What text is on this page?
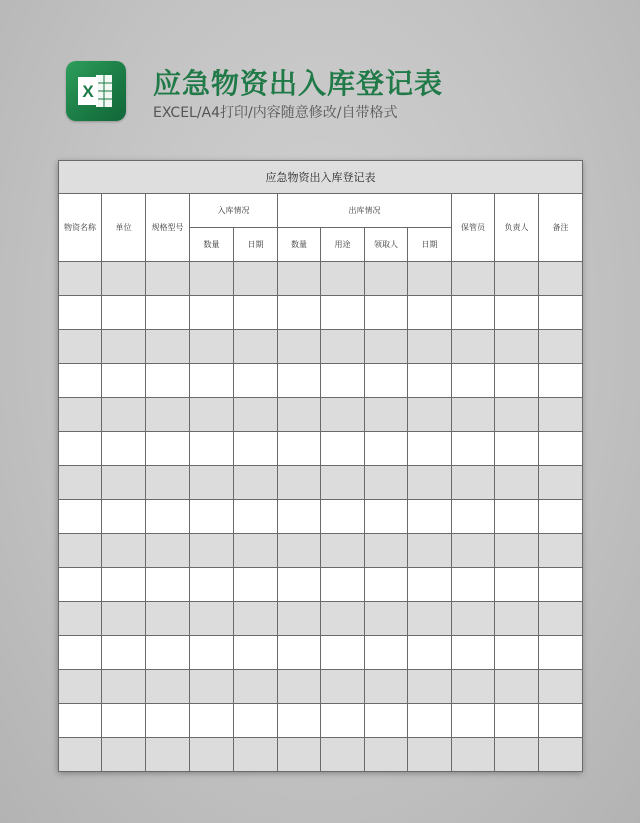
X 应急物资出入库登记表
EXCEL/A4打印/内容随意修改/自带格式
应急物资出入库登记表											
物资名称	单位	规格型号	入库情况		出库情况				保管员	负责人	备注
			数量	日期	数量	用途	领取人	日期			
